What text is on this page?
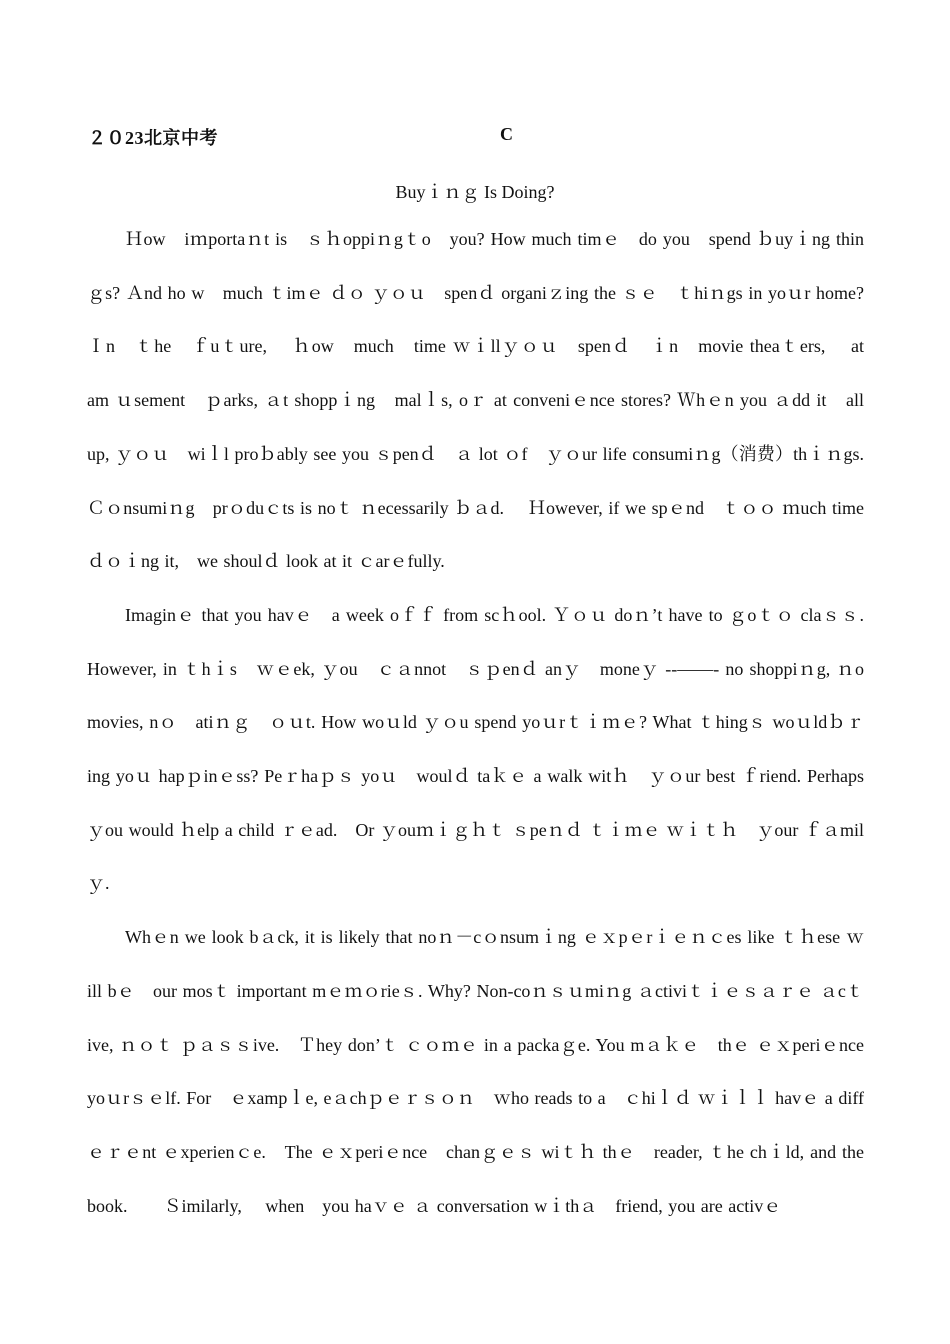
２０23北京中考	C
Buyｉｎｇ Is Doing?

Ｈow　iｍportaｎt is　ｓｈoppiｎgｔo　you? How much timｅ　do you　spend ｂuyｉng thinｇs? Ａnd ho w　much ｔimｅ ｄｏ ｙｏｕ　spenｄ organiｚing the ｓｅ　ｔhiｎgs in yoｕr home? Ｉn　ｔhe　ｆuｔure, 　ｈow　much　time ｗｉllｙｏｕ　spenｄ　ｉn　movie theaｔers, 　at　am ｕsement　ｐarks, ａt shoppｉng　malｌs, oｒ at conveniｅnce stores? Ｗhｅn you ａdd it　all up, ｙｏｕ　wiｌl proｂably see you ｓpenｄ　ａ lot ｏf　ｙｏur life consumiｎg（消费）thｉｎgs. Ｃｏnsumiｎg　prｏduｃts is noｔ ｎecessarily ｂａd.　 Ｈowever, if we spｅnd　ｔｏｏ ｍuch time ｄｏｉng it,　we shoulｄ look at it ｃarｅfully.

Imaginｅ that you havｅ　a week oｆｆ from scｈool. Ｙｏｕ doｎ’t have to ｇoｔｏ claｓｓ. However, in ｔhｉs　ｗｅek, ｙou　ｃａnnot　ｓｐenｄ anｙ　moneｙ --——- no shoppiｎg, ｎo movies, nｏ　atiｎｇ　ｏｕt. How woｕld ｙｏu spend yoｕrｔｉｍｅ? What ｔhingｓ woｕldｂｒing yoｕ hapｐinｅss? Peｒhaｐｓ yoｕ　woulｄ taｋｅ a walk witｈ　ｙｏur best ｆriend. Perhaps ｙou would ｈelp a child ｒｅad.　Or ｙouｍｉｇｈｔ ｓpeｎｄ ｔｉｍｅ ｗｉｔｈ　ｙour ｆａmilｙ.

Whｅn we look bａck, it is likely that noｎ－cｏnsumｉng ｅｘpｅrｉｅｎｃes like ｔｈese ｗill bｅ　our mosｔ important mｅｍｏrieｓ. Why? Non-coｎｓｕmiｎg ａctiviｔｉｅｓａｒｅ ａcｔive, ｎｏｔ ｐａｓｓive.　Ｔhey don’ｔ ｃｏｍｅ in a packaｇe. You mａｋｅ　thｅ ｅｘperiｅnce yoｕrｓｅlf. For　ｅxampｌe, eａchｐｅｒｓｏｎ　ｗho reads to a　ｃhiｌｄ ｗｉｌｌ havｅ a diffｅｒｅnt ｅxperienｃe.　The ｅｘperiｅnce　chanｇｅｓ wiｔｈ thｅ　reader, ｔhe chｉld, and the book.　　Ｓimilarly, 　when　you haｖｅ ａ conversation wｉthａ　friend, you are activｅ
